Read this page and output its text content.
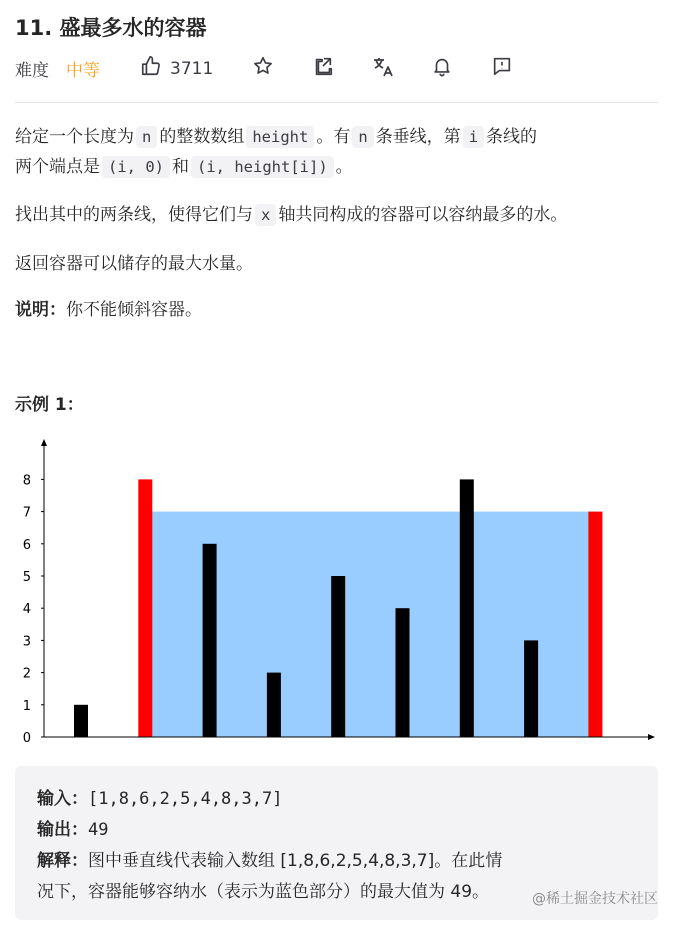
11. 盛最多水的容器
难度 中等	3711
给定一个长度为 n 的整数数组 height 。有 n 条垂线，第 i 条线的
两个端点是 (i, 0) 和 (i, height[i]) 。
找出其中的两条线，使得它们与 x 轴共同构成的容器可以容纳最多的水。
返回容器可以储存的最大水量。
说明：你不能倾斜容器。
示例 1：
0
1
2
3
4
5
6
7
8
输入：[1,8,6,2,5,4,8,3,7]
输出：49
解释：图中垂直线代表输入数组 [1,8,6,2,5,4,8,3,7]。在此情
况下，容器能够容纳水（表示为蓝色部分）的最大值为 49。	@稀土掘金技术社区
